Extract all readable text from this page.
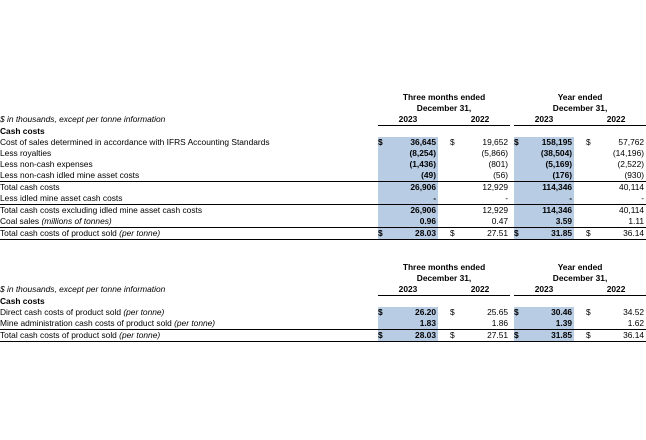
		Three months ended						Year ended				
		December 31,						December 31,				
$ in thousands, except per tonne information		2023			2022			2023			2022	
Cash costs												
Cost of sales determined in accordance with IFRS Accounting Standards		$	36,645		$	19,652		$	158,195		$	57,762
Less royalties			(8,254)			(5,866)			(38,504)			(14,196)
Less non-cash expenses			(1,436)			(801)			(5,169)			(2,522)
Less non-cash idled mine asset costs			(49)			(56)			(176)			(930)
Total cash costs			26,906			12,929			114,346			40,114
Less idled mine asset cash costs			-			-			-			-
Total cash costs excluding idled mine asset cash costs			26,906			12,929			114,346			40,114
Coal sales (millions of tonnes)			0.96			0.47			3.59			1.11
Total cash costs of product sold (per tonne)		$	28.03		$	27.51		$	31.85		$	36.14
		Three months ended						Year ended				
		December 31,						December 31,				
$ in thousands, except per tonne information		2023			2022			2023			2022	
Cash costs												
Direct cash costs of product sold (per tonne)		$	26.20		$	25.65		$	30.46		$	34.52
Mine administration cash costs of product sold (per tonne)			1.83			1.86			1.39			1.62
Total cash costs of product sold (per tonne)		$	28.03		$	27.51		$	31.85		$	36.14
